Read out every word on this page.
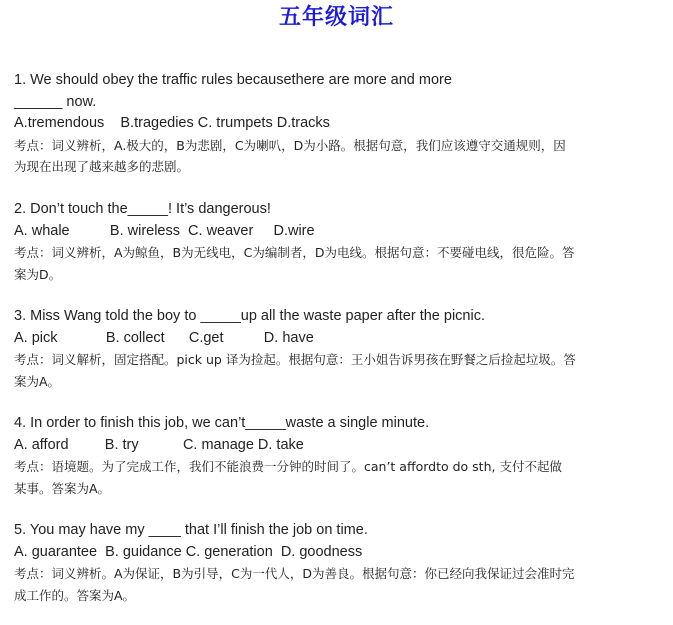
五年级词汇
1. We should obey the traffic rules becausethere are more and more
______ now.
A.tremendous    B.tragedies C. trumpets D.tracks
考点：词义辨析，A.极大的，B为悲剧，C为喇叭，D为小路。根据句意，我们应该遵守交通规则，因
为现在出现了越来越多的悲剧。
2. Don’t touch the_____! It’s dangerous!
A. whale          B. wireless  C. weaver     D.wire
考点：词义辨析，A为鲸鱼，B为无线电，C为编制者，D为电线。根据句意：不要碰电线，很危险。答
案为D。
3. Miss Wang told the boy to _____up all the waste paper after the picnic.
A. pick            B. collect      C.get          D. have
考点：词义解析，固定搭配。pick up 译为捡起。根据句意：王小姐告诉男孩在野餐之后捡起垃圾。答
案为A。
4. In order to finish this job, we can’t_____waste a single minute.
A. afford         B. try           C. manage D. take
考点：语境题。为了完成工作，我们不能浪费一分钟的时间了。can’t affordto do sth, 支付不起做
某事。答案为A。
5. You may have my ____ that I’ll finish the job on time.
A. guarantee  B. guidance C. generation  D. goodness
考点：词义辨析。A为保证，B为引导，C为一代人，D为善良。根据句意：你已经向我保证过会准时完
成工作的。答案为A。
